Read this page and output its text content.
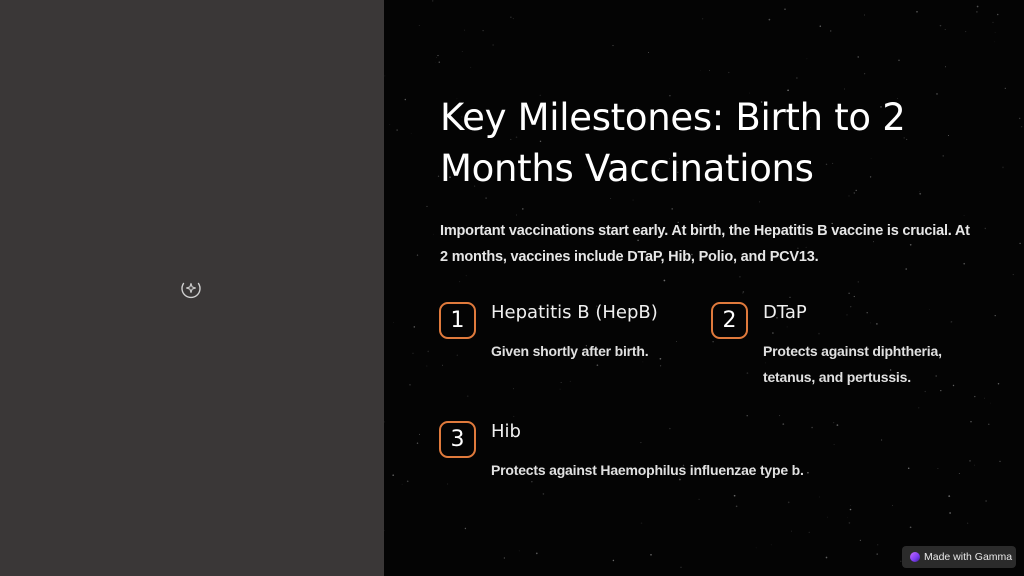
Key Milestones: Birth to 2 Months Vaccinations

Important vaccinations start early. At birth, the Hepatitis B vaccine is crucial. At 2 months, vaccines include DTaP, Hib, Polio, and PCV13.

1	Hepatitis B (HepB)

Given shortly after birth.

2	DTaP

Protects against diphtheria, tetanus, and pertussis.

3	Hib

Protects against Haemophilus influenzae type b.

Made with Gamma
